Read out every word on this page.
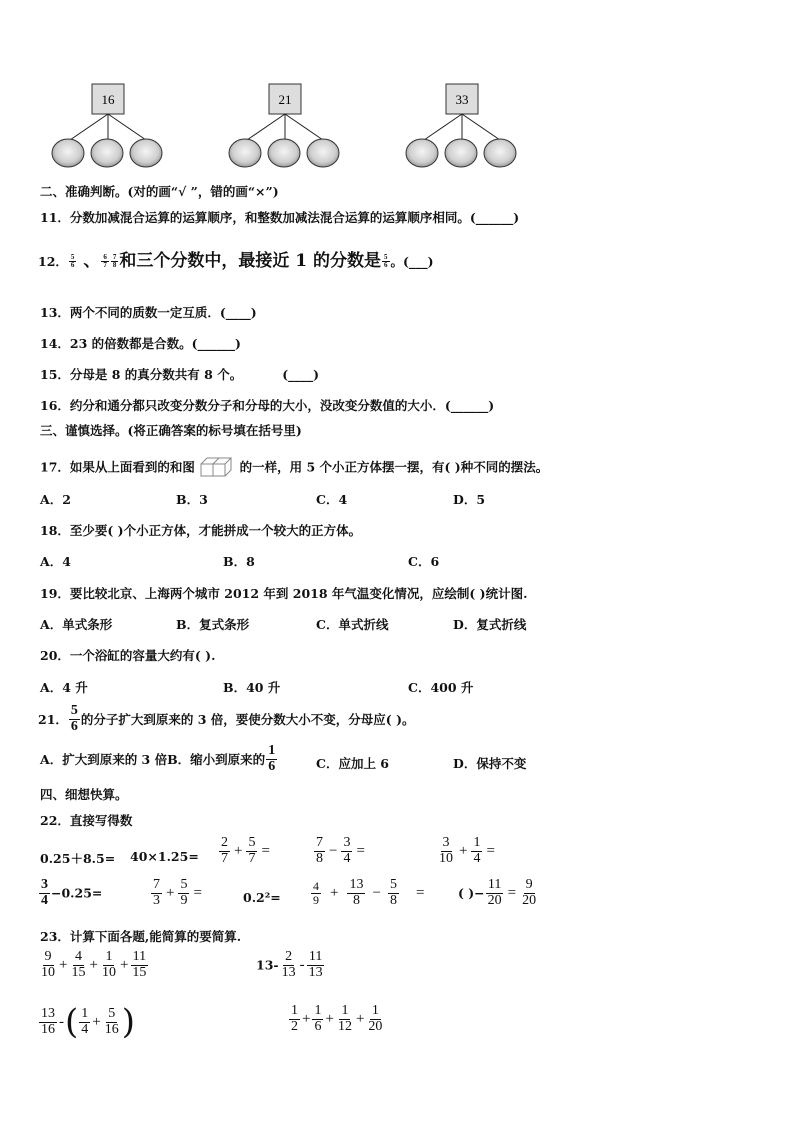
16	21	33
二、准确判断。(对的画“√ ”，错的画“×”)
11．分数加减混合运算的运算顺序，和整数加减法混合运算的运算顺序相同。(______)
12． $\frac{5}{6}$ 、 $\frac{6}{7} \frac{7}{8}$ 和三个分数中，最接近 1 的分数是 $\frac{5}{6}$ 。(___)
13．两个不同的质数一定互质．(____)
14．23 的倍数都是合数。(______)
15．分母是 8 的真分数共有 8 个。	(____)
16．约分和通分都只改变分数分子和分母的大小，没改变分数值的大小．(______)
三、谨慎选择。(将正确答案的标号填在括号里)
17．如果从上面看到的和图	的一样，用 5 个小正方体摆一摆，有( )种不同的摆法。
A．2	B．3	C．4	D．5
18．至少要( )个小正方体，才能拼成一个较大的正方体。
A．4	B．8	C．6
19．要比较北京、上海两个城市 2012 年到 2018 年气温变化情况，应绘制( )统计图.
A．单式条形	B．复式条形	C．单式折线	D．复式折线
20．一个浴缸的容量大约有( ).
A．4 升	B．40 升	C．400 升
21． $\frac{5}{6}$ 的分子扩大到原来的 3 倍，要使分数大小不变，分母应( )。
A．扩大到原来的 3 倍B．缩小到原来的 $\frac{1}{6}$	C．应加上 6	D．保持不变
四、细想快算。
22．直接写得数
$0.25+8.5= 40\times 1.25= \frac{2}{7} + \frac{5}{7}$ =	$\frac{7}{8} - \frac{3}{4}$ =	$\frac{3}{10} + \frac{1}{4}$ =
$\frac{3}{4} -0.25=$	$\frac{7}{3} + \frac{5}{9}$ =	0.2²=	$\frac{4}{9} + \frac{13}{8} - \frac{5}{8}$ =	( )− $\frac{11}{20} = \frac{9}{20}$
23．计算下面各题,能简算的要简算.
$\frac{9}{10} + \frac{4}{15} + \frac{1}{10} + \frac{11}{15}$	$13- \frac{2}{13} - \frac{11}{13}$
$\frac{13}{16}$ -( $\frac{1}{4} + \frac{5}{16}$ )	$\frac{1}{2} + \frac{1}{6} + \frac{1}{12} + \frac{1}{20}$
